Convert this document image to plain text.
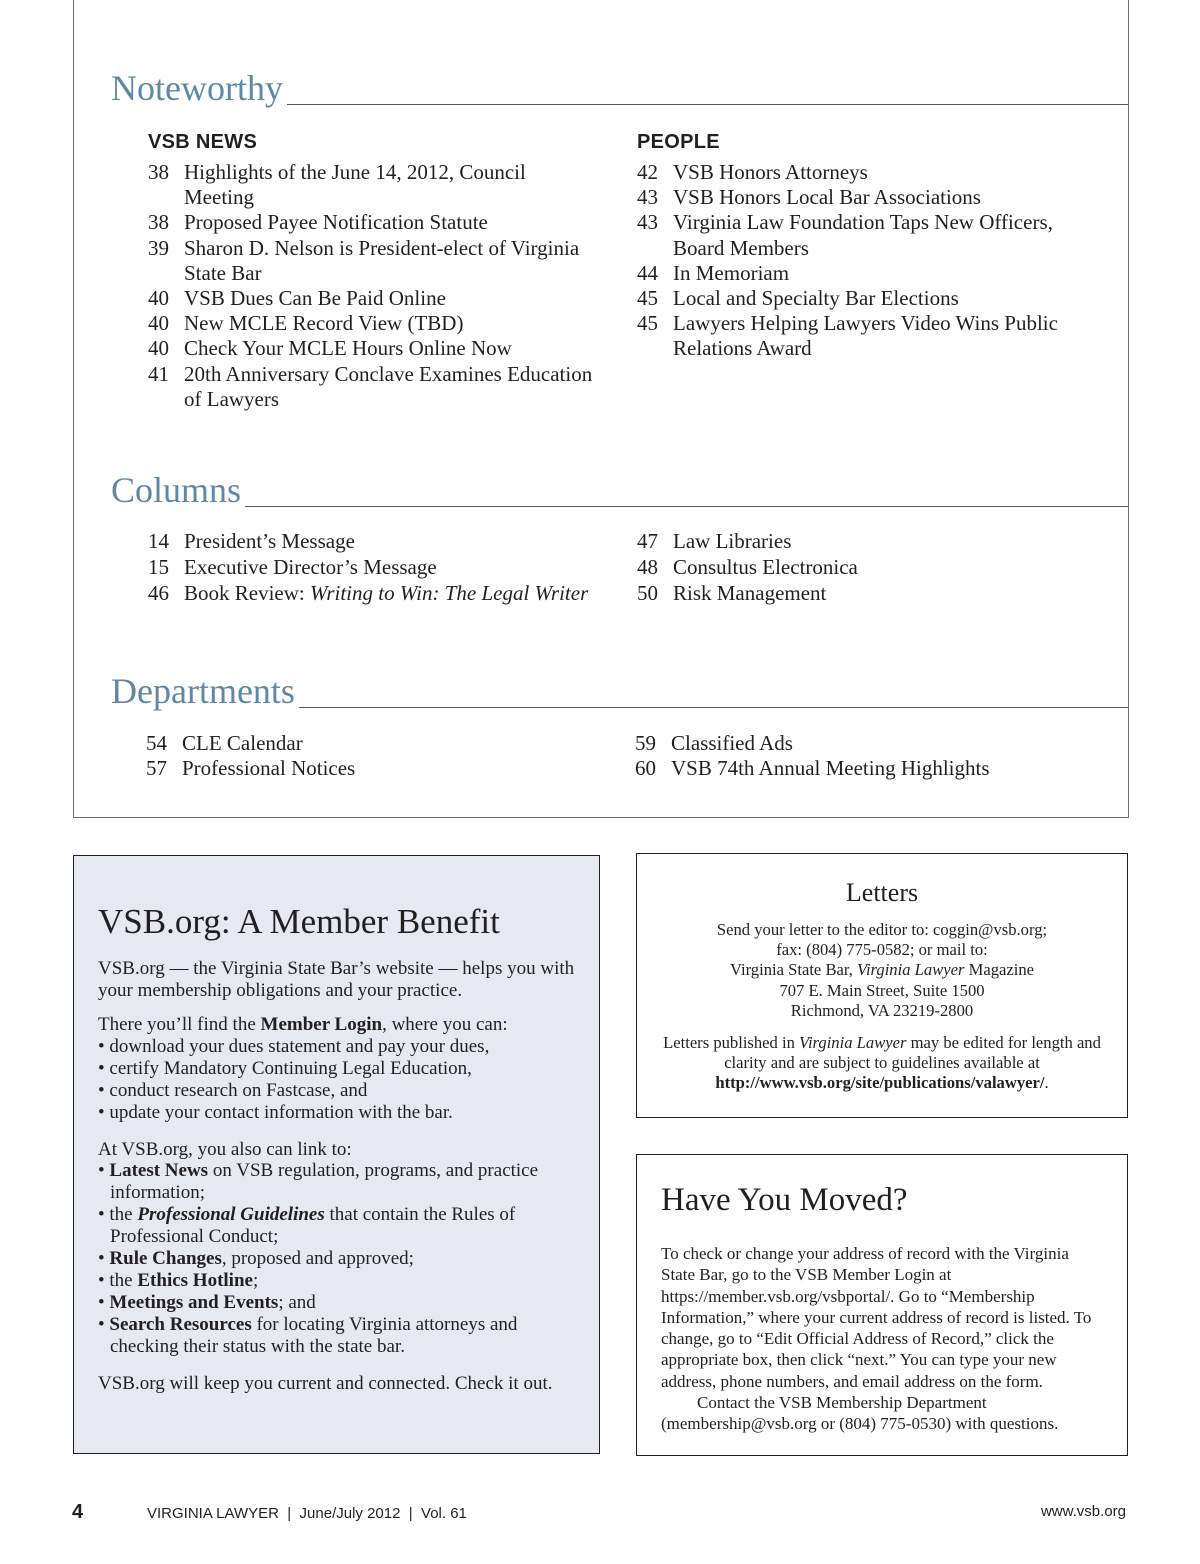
Noteworthy
VSB NEWS
38 Highlights of the June 14, 2012, Council Meeting
38 Proposed Payee Notification Statute
39 Sharon D. Nelson is President-elect of Virginia State Bar
40 VSB Dues Can Be Paid Online
40 New MCLE Record View (TBD)
40 Check Your MCLE Hours Online Now
41 20th Anniversary Conclave Examines Education of Lawyers
PEOPLE
42 VSB Honors Attorneys
43 VSB Honors Local Bar Associations
43 Virginia Law Foundation Taps New Officers, Board Members
44 In Memoriam
45 Local and Specialty Bar Elections
45 Lawyers Helping Lawyers Video Wins Public Relations Award
Columns
14 President’s Message
15 Executive Director’s Message
46 Book Review: Writing to Win: The Legal Writer
47 Law Libraries
48 Consultus Electronica
50 Risk Management
Departments
54 CLE Calendar
57 Professional Notices
59 Classified Ads
60 VSB 74th Annual Meeting Highlights
VSB.org: A Member Benefit

VSB.org — the Virginia State Bar’s website — helps you with your membership obligations and your practice.

There you’ll find the Member Login, where you can:

• download your dues statement and pay your dues,
• certify Mandatory Continuing Legal Education,
• conduct research on Fastcase, and
• update your contact information with the bar.

At VSB.org, you also can link to:

• Latest News on VSB regulation, programs, and practice information;
• the Professional Guidelines that contain the Rules of Professional Conduct;
• Rule Changes, proposed and approved;
• the Ethics Hotline;
• Meetings and Events; and
• Search Resources for locating Virginia attorneys and checking their status with the state bar.

VSB.org will keep you current and connected. Check it out.

Letters
Send your letter to the editor to: coggin@vsb.org;
fax: (804) 775-0582; or mail to:
Virginia State Bar, Virginia Lawyer Magazine
707 E. Main Street, Suite 1500
Richmond, VA 23219-2800
Letters published in Virginia Lawyer may be edited for length and clarity and are subject to guidelines available at http://www.vsb.org/site/publications/valawyer/.
Have You Moved?

To check or change your address of record with the Virginia State Bar, go to the VSB Member Login at https://member.vsb.org/vsbportal/. Go to “Membership Information,” where your current address of record is listed. To change, go to “Edit Official Address of Record,” click the appropriate box, then click “next.” You can type your new address, phone numbers, and email address on the form.

Contact the VSB Membership Department (membership@vsb.org or (804) 775-0530) with questions.

4	VIRGINIA LAWYER  |  June/July 2012  |  Vol. 61	www.vsb.org
